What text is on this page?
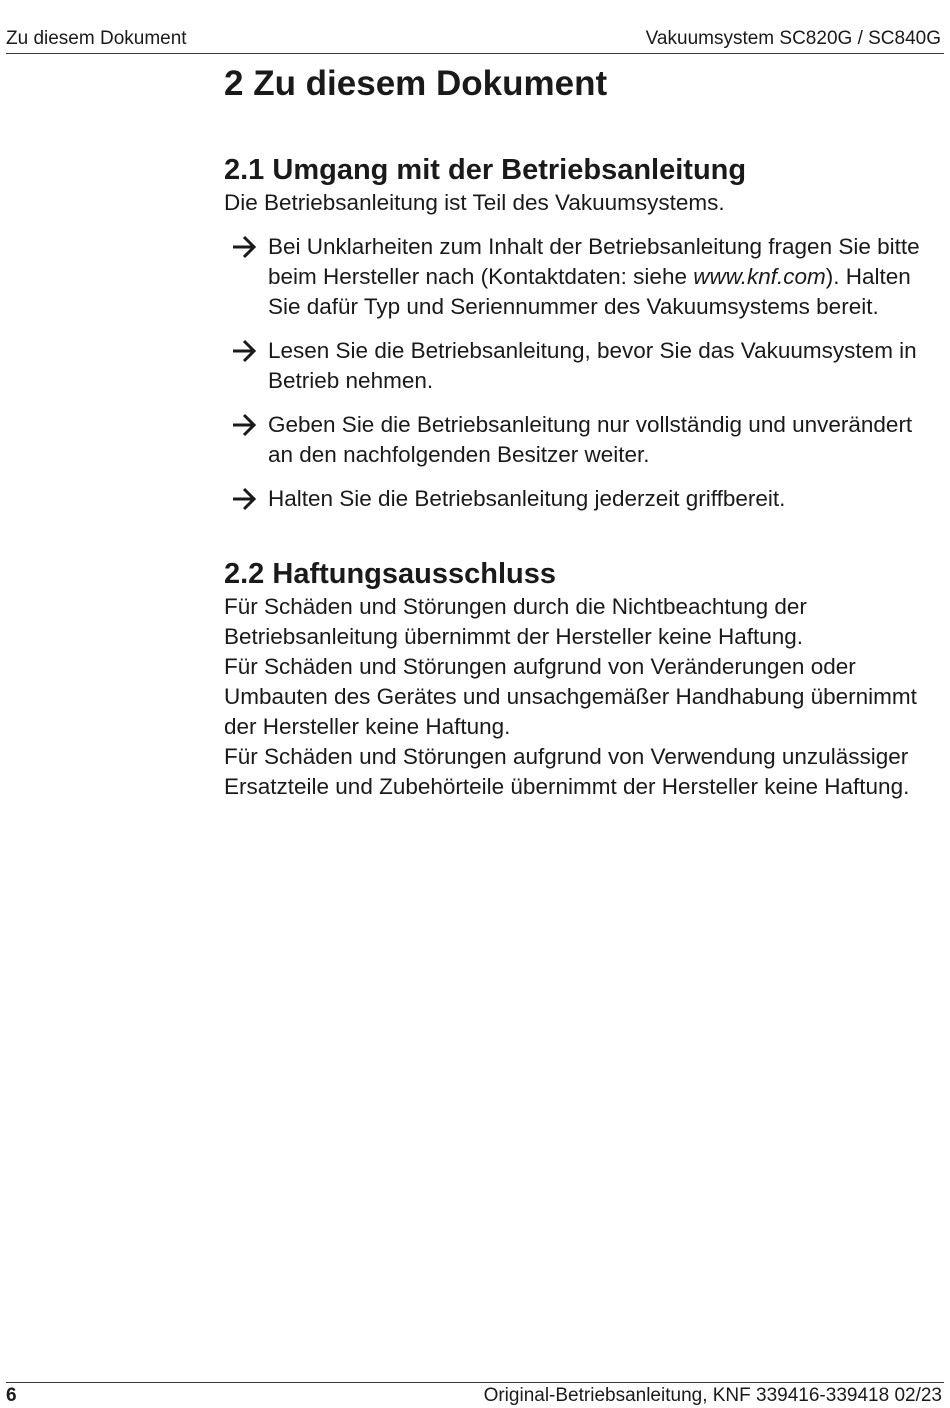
Zu diesem Dokument	Vakuumsystem SC820G / SC840G
2 Zu diesem Dokument
2.1 Umgang mit der Betriebsanleitung

Die Betriebsanleitung ist Teil des Vakuumsystems.

Bei Unklarheiten zum Inhalt der Betriebsanleitung fragen Sie bitte beim Hersteller nach (Kontaktdaten: siehe www.knf.com). Halten Sie dafür Typ und Seriennummer des Vakuumsystems bereit.
Lesen Sie die Betriebsanleitung, bevor Sie das Vakuumsystem in Betrieb nehmen.
Geben Sie die Betriebsanleitung nur vollständig und unverändert an den nachfolgenden Besitzer weiter.
Halten Sie die Betriebsanleitung jederzeit griffbereit.
2.2 Haftungsausschluss

Für Schäden und Störungen durch die Nichtbeachtung der Betriebsanleitung übernimmt der Hersteller keine Haftung.

Für Schäden und Störungen aufgrund von Veränderungen oder Umbauten des Gerätes und unsachgemäßer Handhabung übernimmt der Hersteller keine Haftung.

Für Schäden und Störungen aufgrund von Verwendung unzulässiger Ersatzteile und Zubehörteile übernimmt der Hersteller keine Haftung.

6	Original-Betriebsanleitung, KNF 339416-339418 02/23
